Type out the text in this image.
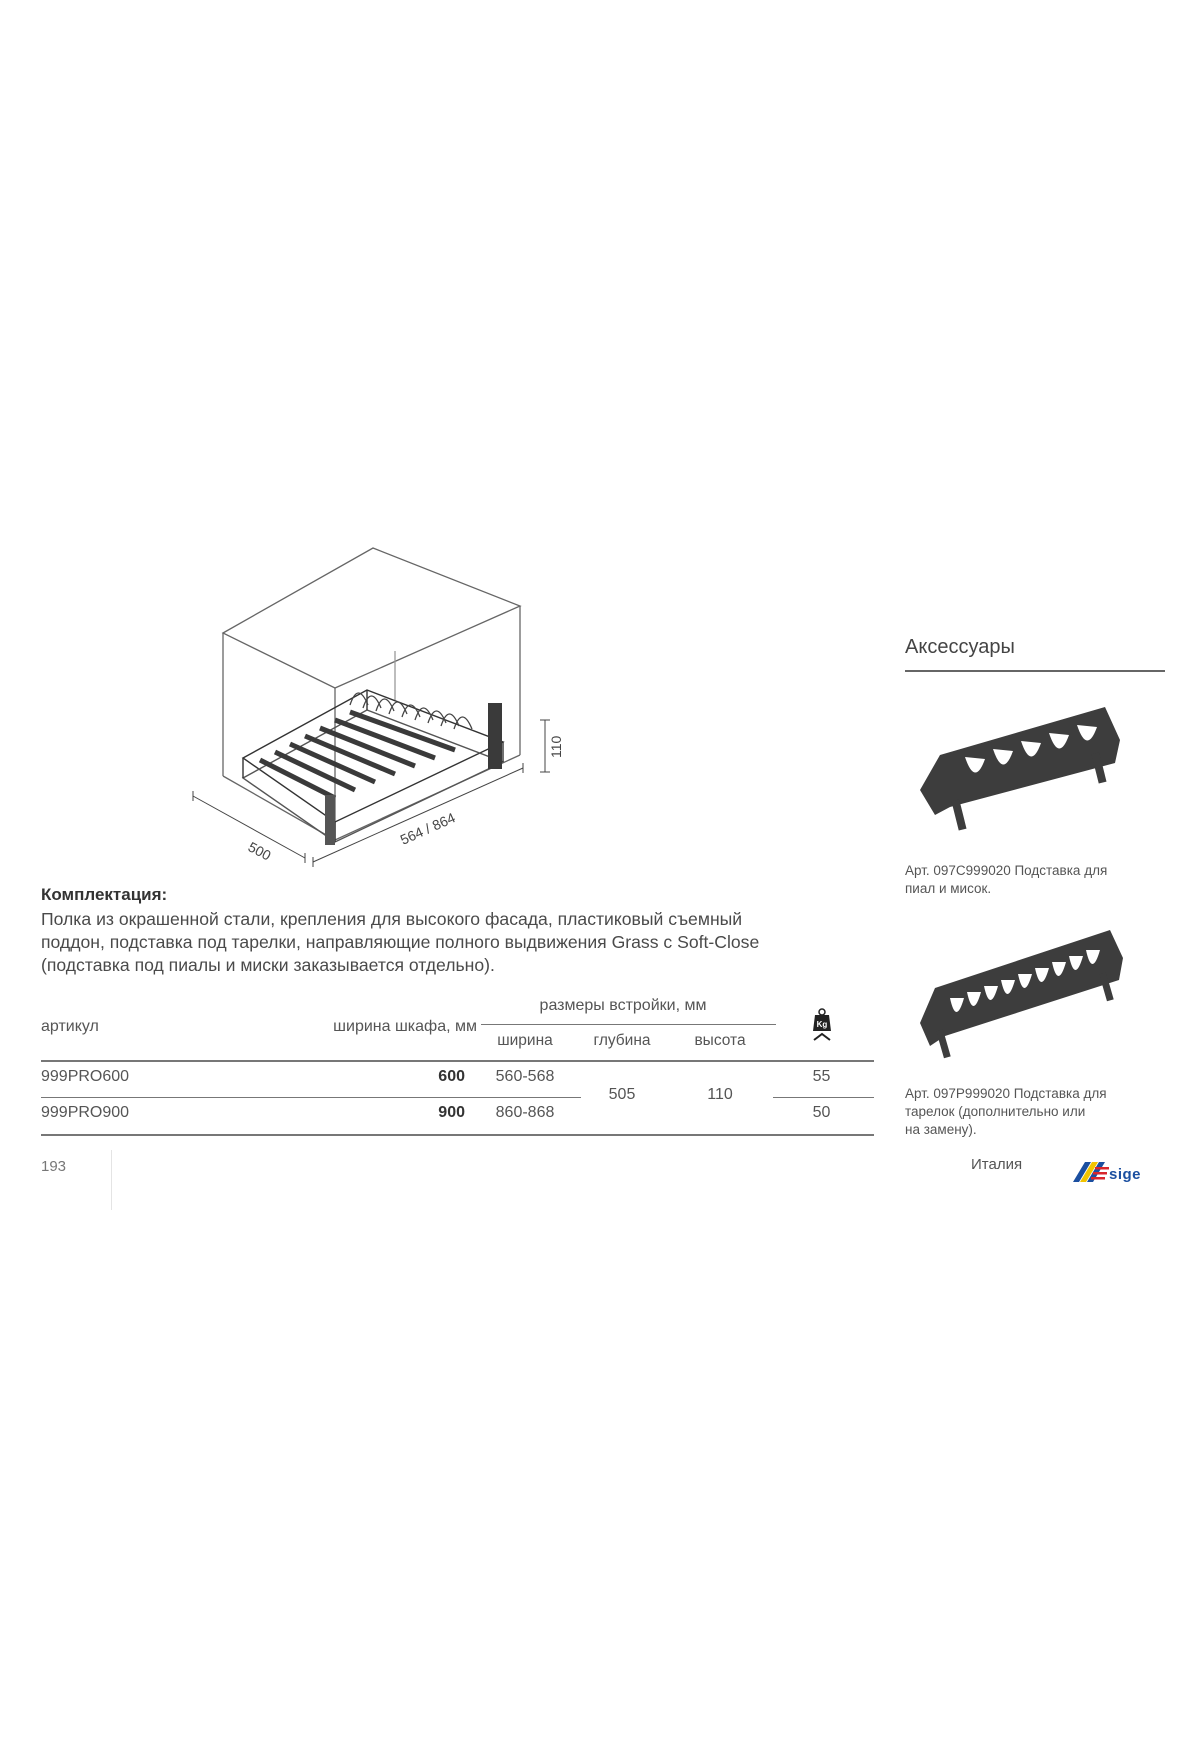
500
564 / 864
110
Комплектация:
Полка из окрашенной стали, крепления для высокого фасада, пластиковый съемный
поддон, подставка под тарелки, направляющие полного выдвижения Grass с Soft-Close
(подставка под пиалы и миски заказывается отдельно).
артикул	ширина шкафа, мм	размеры встройки, мм			Kg

		ширина	глубина	высота	
999PRO600	600	560-568	505	110	55
999PRO900	900	860-868			50
193
Аксессуары
Арт. 097C999020 Подставка для
пиал и мисок.
Арт. 097P999020 Подставка для
тарелок (дополнительно или
на замену).
Италия
sige
